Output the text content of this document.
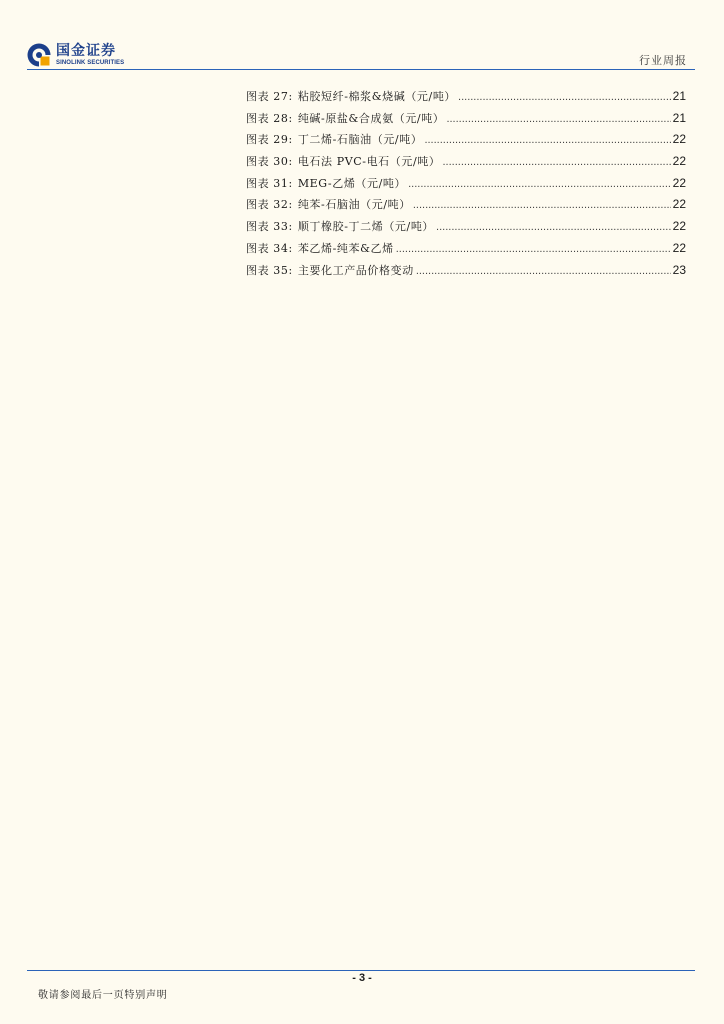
国金证券
SINOLINK SECURITIES	行业周报
图表 27: 粘胶短纤-棉浆&烧碱（元/吨） .....	21
图表 28: 纯碱-原盐&合成氨（元/吨） .....	21
图表 29: 丁二烯-石脑油（元/吨） .....	22
图表 30: 电石法 PVC-电石（元/吨） .....	22
图表 31: MEG-乙烯（元/吨） .....	22
图表 32: 纯苯-石脑油（元/吨） .....	22
图表 33: 顺丁橡胶-丁二烯（元/吨） .....	22
图表 34: 苯乙烯-纯苯&乙烯 .....	22
图表 35: 主要化工产品价格变动 .....	23
- 3 -
敬请参阅最后一页特别声明
